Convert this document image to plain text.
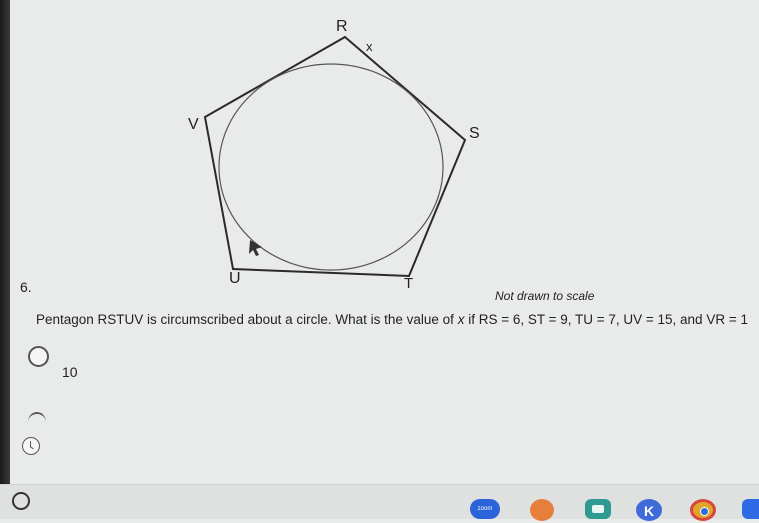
R
x
S
V
U	T
6.
Not drawn to scale
Pentagon RSTUV is circumscribed about a circle. What is the value of x if RS = 6, ST = 9, TU = 7, UV = 15, and VR = 1
10
zoom	K
